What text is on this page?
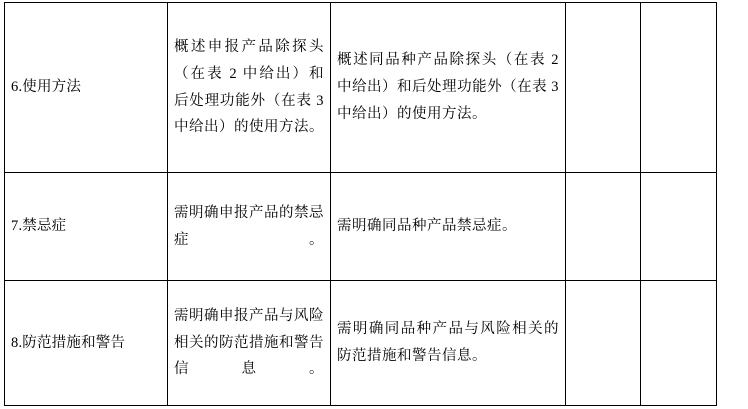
6.使用方法	概述申报产品除探头（在表 2 中给出）和后处理功能外（在表 3 中给出）的使用方法。	概述同品种产品除探头（在表 2 中给出）和后处理功能外（在表 3 中给出）的使用方法。		

7.禁忌症	需明确申报产品的禁忌症。	需明确同品种产品禁忌症。		

8.防范措施和警告	需明确申报产品与风险相关的防范措施和警告信息。	需明确同品种产品与风险相关的防范措施和警告信息。		
